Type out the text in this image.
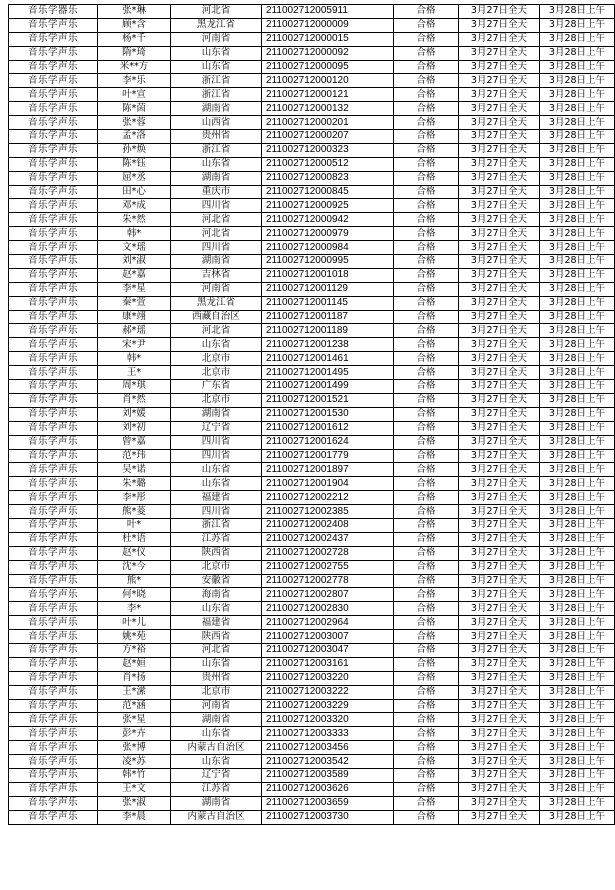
音乐学器乐	张*琳	河北省	211002712005911	合格	3月27日全天	3月28日上午
音乐学声乐	顾*含	黑龙江省	211002712000009	合格	3月27日全天	3月28日上午
音乐学声乐	杨*千	河南省	211002712000015	合格	3月27日全天	3月28日上午
音乐学声乐	隋*琦	山东省	211002712000092	合格	3月27日全天	3月28日上午
音乐学声乐	米**方	山东省	211002712000095	合格	3月27日全天	3月28日上午
音乐学声乐	李*乐	浙江省	211002712000120	合格	3月27日全天	3月28日上午
音乐学声乐	叶*宣	浙江省	211002712000121	合格	3月27日全天	3月28日上午
音乐学声乐	陈*茵	湖南省	211002712000132	合格	3月27日全天	3月28日上午
音乐学声乐	张*蓉	山西省	211002712000201	合格	3月27日全天	3月28日上午
音乐学声乐	孟*洛	贵州省	211002712000207	合格	3月27日全天	3月28日上午
音乐学声乐	孙*焕	浙江省	211002712000323	合格	3月27日全天	3月28日上午
音乐学声乐	陈*钰	山东省	211002712000512	合格	3月27日全天	3月28日上午
音乐学声乐	屈*丞	湖南省	211002712000823	合格	3月27日全天	3月28日上午
音乐学声乐	田*心	重庆市	211002712000845	合格	3月27日全天	3月28日上午
音乐学声乐	邓*成	四川省	211002712000925	合格	3月27日全天	3月28日上午
音乐学声乐	朱*然	河北省	211002712000942	合格	3月27日全天	3月28日上午
音乐学声乐	韩*	河北省	211002712000979	合格	3月27日全天	3月28日上午
音乐学声乐	文*瑶	四川省	211002712000984	合格	3月27日全天	3月28日上午
音乐学声乐	刘*淑	湖南省	211002712000995	合格	3月27日全天	3月28日上午
音乐学声乐	赵*嘉	吉林省	211002712001018	合格	3月27日全天	3月28日上午
音乐学声乐	李*星	河南省	211002712001129	合格	3月27日全天	3月28日上午
音乐学声乐	秦*萱	黑龙江省	211002712001145	合格	3月27日全天	3月28日上午
音乐学声乐	康*翊	西藏自治区	211002712001187	合格	3月27日全天	3月28日上午
音乐学声乐	郝*瑶	河北省	211002712001189	合格	3月27日全天	3月28日上午
音乐学声乐	宋*尹	山东省	211002712001238	合格	3月27日全天	3月28日上午
音乐学声乐	韩*	北京市	211002712001461	合格	3月27日全天	3月28日上午
音乐学声乐	王*	北京市	211002712001495	合格	3月27日全天	3月28日上午
音乐学声乐	周*琪	广东省	211002712001499	合格	3月27日全天	3月28日上午
音乐学声乐	肖*然	北京市	211002712001521	合格	3月27日全天	3月28日上午
音乐学声乐	刘*媛	湖南省	211002712001530	合格	3月27日全天	3月28日上午
音乐学声乐	刘*初	辽宁省	211002712001612	合格	3月27日全天	3月28日上午
音乐学声乐	曾*嘉	四川省	211002712001624	合格	3月27日全天	3月28日上午
音乐学声乐	范*玮	四川省	211002712001779	合格	3月27日全天	3月28日上午
音乐学声乐	吴*诺	山东省	211002712001897	合格	3月27日全天	3月28日上午
音乐学声乐	朱*璐	山东省	211002712001904	合格	3月27日全天	3月28日上午
音乐学声乐	李*彤	福建省	211002712002212	合格	3月27日全天	3月28日上午
音乐学声乐	熊*菱	四川省	211002712002385	合格	3月27日全天	3月28日上午
音乐学声乐	叶*	浙江省	211002712002408	合格	3月27日全天	3月28日上午
音乐学声乐	杜*语	江苏省	211002712002437	合格	3月27日全天	3月28日上午
音乐学声乐	赵*仪	陕西省	211002712002728	合格	3月27日全天	3月28日上午
音乐学声乐	沈*今	北京市	211002712002755	合格	3月27日全天	3月28日上午
音乐学声乐	熊*	安徽省	211002712002778	合格	3月27日全天	3月28日上午
音乐学声乐	何*晓	海南省	211002712002807	合格	3月27日全天	3月28日上午
音乐学声乐	李*	山东省	211002712002830	合格	3月27日全天	3月28日上午
音乐学声乐	叶*儿	福建省	211002712002964	合格	3月27日全天	3月28日上午
音乐学声乐	姚*苑	陕西省	211002712003007	合格	3月27日全天	3月28日上午
音乐学声乐	方*裕	河北省	211002712003047	合格	3月27日全天	3月28日上午
音乐学声乐	赵*姮	山东省	211002712003161	合格	3月27日全天	3月28日上午
音乐学声乐	肖*扬	贵州省	211002712003220	合格	3月27日全天	3月28日上午
音乐学声乐	王*潆	北京市	211002712003222	合格	3月27日全天	3月28日上午
音乐学声乐	范*涵	河南省	211002712003229	合格	3月27日全天	3月28日上午
音乐学声乐	张*星	湖南省	211002712003320	合格	3月27日全天	3月28日上午
音乐学声乐	彭*卉	山东省	211002712003333	合格	3月27日全天	3月28日上午
音乐学声乐	张*博	内蒙古自治区	211002712003456	合格	3月27日全天	3月28日上午
音乐学声乐	凌*苏	山东省	211002712003542	合格	3月27日全天	3月28日上午
音乐学声乐	韩*竹	辽宁省	211002712003589	合格	3月27日全天	3月28日上午
音乐学声乐	王*文	江苏省	211002712003626	合格	3月27日全天	3月28日上午
音乐学声乐	张*淑	湖南省	211002712003659	合格	3月27日全天	3月28日上午
音乐学声乐	李*晨	内蒙古自治区	211002712003730	合格	3月27日全天	3月28日上午
